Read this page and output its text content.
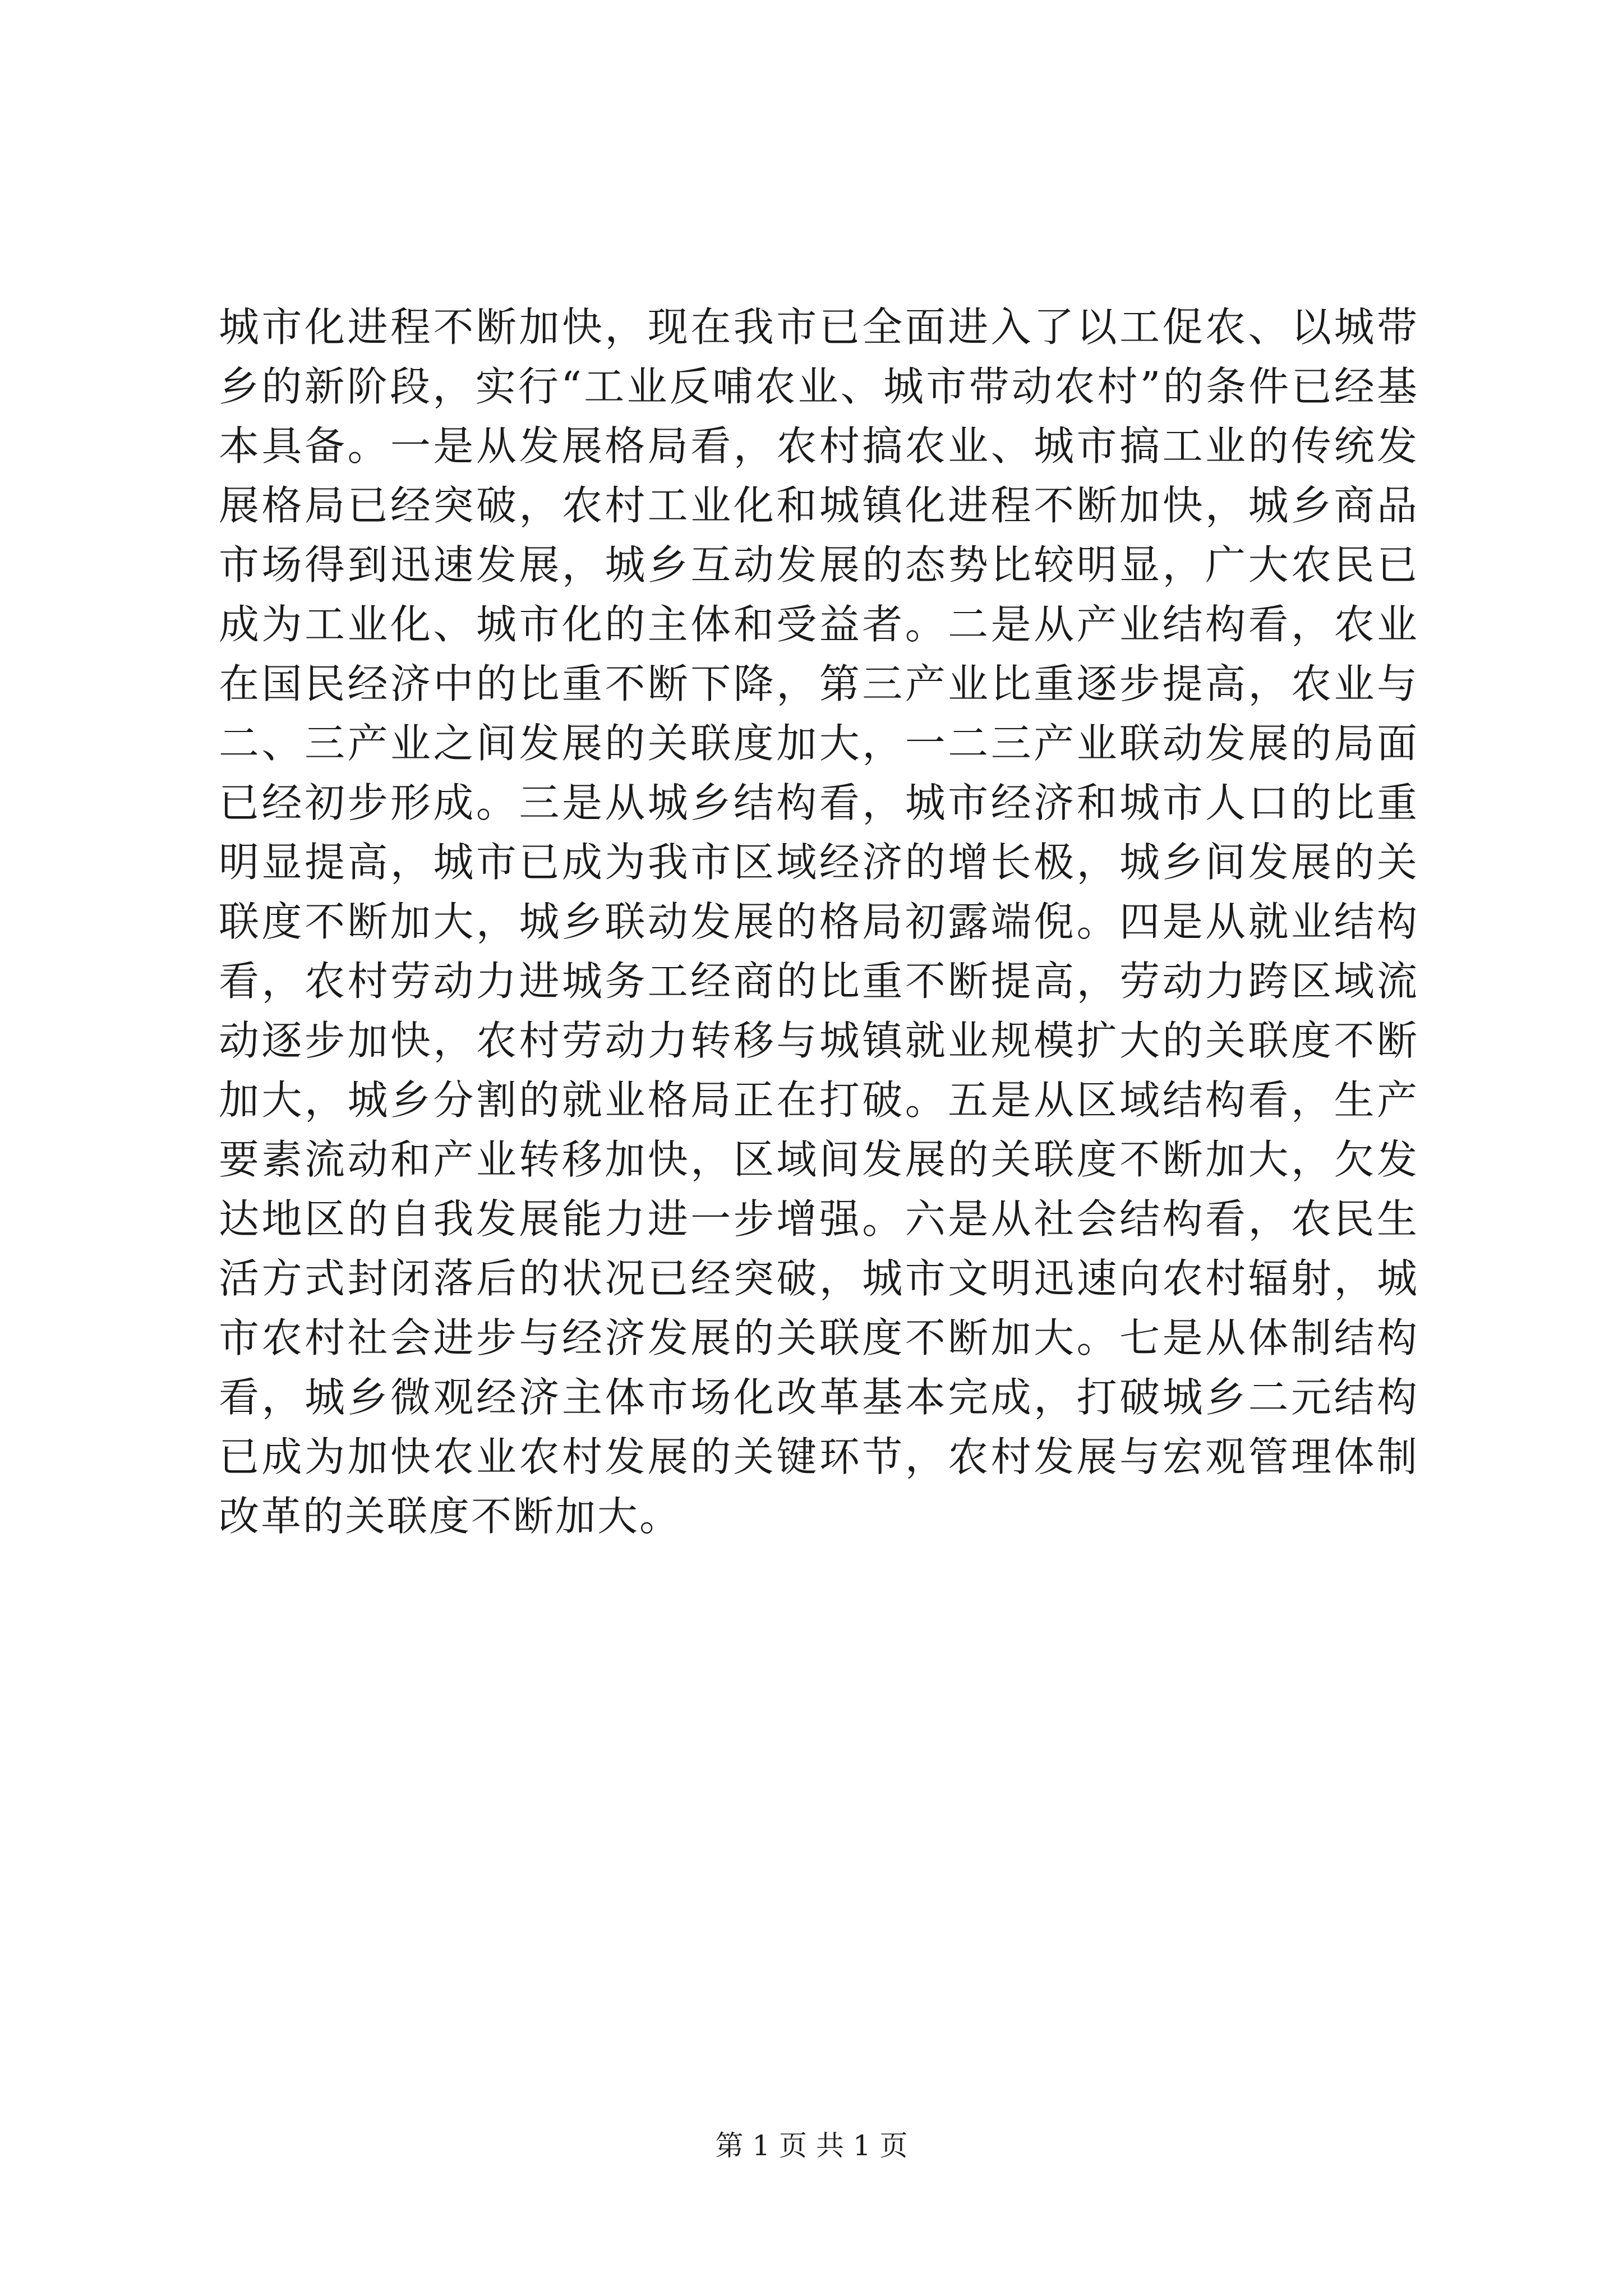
城市化进程不断加快，现在我市已全面进入了以工促农、以城带乡的新阶段，实行“工业反哺农业、城市带动农村”的条件已经基本具备。一是从发展格局看，农村搞农业、城市搞工业的传统发展格局已经突破，农村工业化和城镇化进程不断加快，城乡商品市场得到迅速发展，城乡互动发展的态势比较明显，广大农民已成为工业化、城市化的主体和受益者。二是从产业结构看，农业在国民经济中的比重不断下降，第三产业比重逐步提高，农业与二、三产业之间发展的关联度加大，一二三产业联动发展的局面已经初步形成。三是从城乡结构看，城市经济和城市人口的比重明显提高，城市已成为我市区域经济的增长极，城乡间发展的关联度不断加大，城乡联动发展的格局初露端倪。四是从就业结构看，农村劳动力进城务工经商的比重不断提高，劳动力跨区域流动逐步加快，农村劳动力转移与城镇就业规模扩大的关联度不断加大，城乡分割的就业格局正在打破。五是从区域结构看，生产要素流动和产业转移加快，区域间发展的关联度不断加大，欠发达地区的自我发展能力进一步增强。六是从社会结构看，农民生活方式封闭落后的状况已经突破，城市文明迅速向农村辐射，城市农村社会进步与经济发展的关联度不断加大。七是从体制结构看，城乡微观经济主体市场化改革基本完成，打破城乡二元结构已成为加快农业农村发展的关键环节，农村发展与宏观管理体制改革的关联度不断加大。

第 1 页 共 1 页
